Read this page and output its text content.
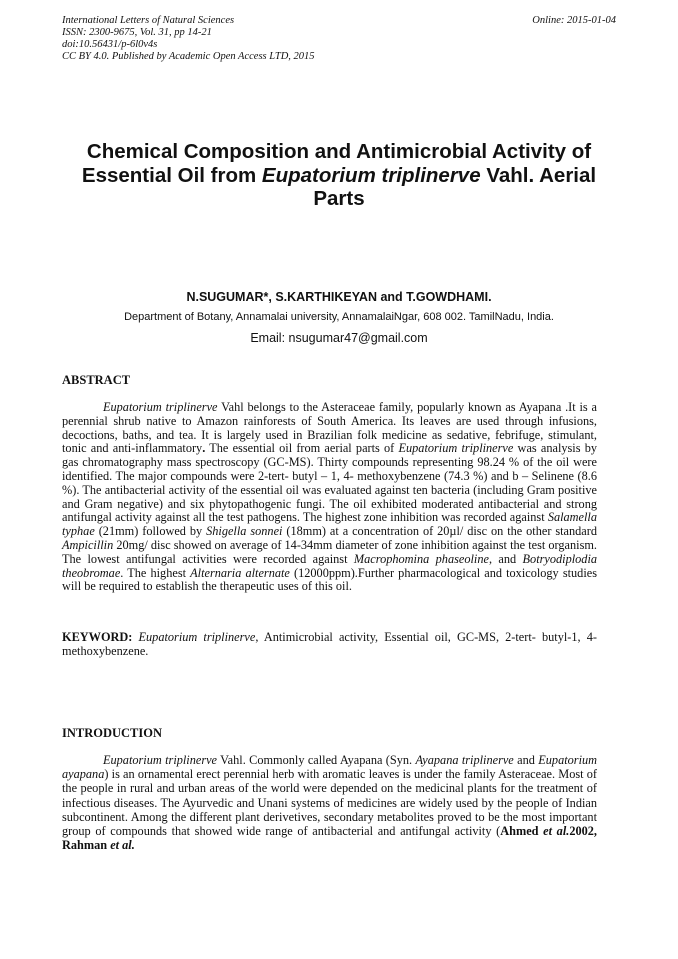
International Letters of Natural Sciences
ISSN: 2300-9675, Vol. 31, pp 14-21
doi:10.56431/p-6l0v4s
CC BY 4.0. Published by Academic Open Access LTD, 2015
Online: 2015-01-04
Chemical Composition and Antimicrobial Activity of Essential Oil from Eupatorium triplinerve Vahl. Aerial Parts
N.SUGUMAR*, S.KARTHIKEYAN and T.GOWDHAMI.
Department of Botany, Annamalai university, AnnamalaiNgar, 608 002. TamilNadu, India.
Email: nsugumar47@gmail.com
ABSTRACT
Eupatorium triplinerve Vahl belongs to the Asteraceae family, popularly known as Ayapana .It is a perennial shrub native to Amazon rainforests of South America. Its leaves are used through infusions, decoctions, baths, and tea. It is largely used in Brazilian folk medicine as sedative, febrifuge, stimulant, tonic and anti-inflammatory. The essential oil from aerial parts of Eupatorium triplinerve was analysis by gas chromatography mass spectroscopy (GC-MS). Thirty compounds representing 98.24 % of the oil were identified. The major compounds were 2-tert- butyl – 1, 4- methoxybenzene (74.3 %) and b – Selinene (8.6 %). The antibacterial activity of the essential oil was evaluated against ten bacteria (including Gram positive and Gram negative) and six phytopathogenic fungi. The oil exhibited moderated antibacterial and strong antifungal activity against all the test pathogens. The highest zone inhibition was recorded against Salamella typhae (21mm) followed by Shigella sonnei (18mm) at a concentration of 20µl/ disc on the other standard Ampicillin 20mg/ disc showed on average of 14-34mm diameter of zone inhibition against the test organism. The lowest antifungal activities were recorded against Macrophomina phaseoline, and Botryodiplodia theobromae. The highest Alternaria alternate (12000ppm).Further pharmacological and toxicology studies will be required to establish the therapeutic uses of this oil.
KEYWORD: Eupatorium triplinerve, Antimicrobial activity, Essential oil, GC-MS, 2-tert- butyl-1, 4- methoxybenzene.
INTRODUCTION
Eupatorium triplinerve Vahl. Commonly called Ayapana (Syn. Ayapana triplinerve and Eupatorium ayapana) is an ornamental erect perennial herb with aromatic leaves is under the family Asteraceae. Most of the people in rural and urban areas of the world were depended on the medicinal plants for the treatment of infectious diseases. The Ayurvedic and Unani systems of medicines are widely used by the people of Indian subcontinent. Among the different plant derivetives, secondary metabolites proved to be the most important group of compounds that showed wide range of antibacterial and antifungal activity (Ahmed et al.2002, Rahman et al.
